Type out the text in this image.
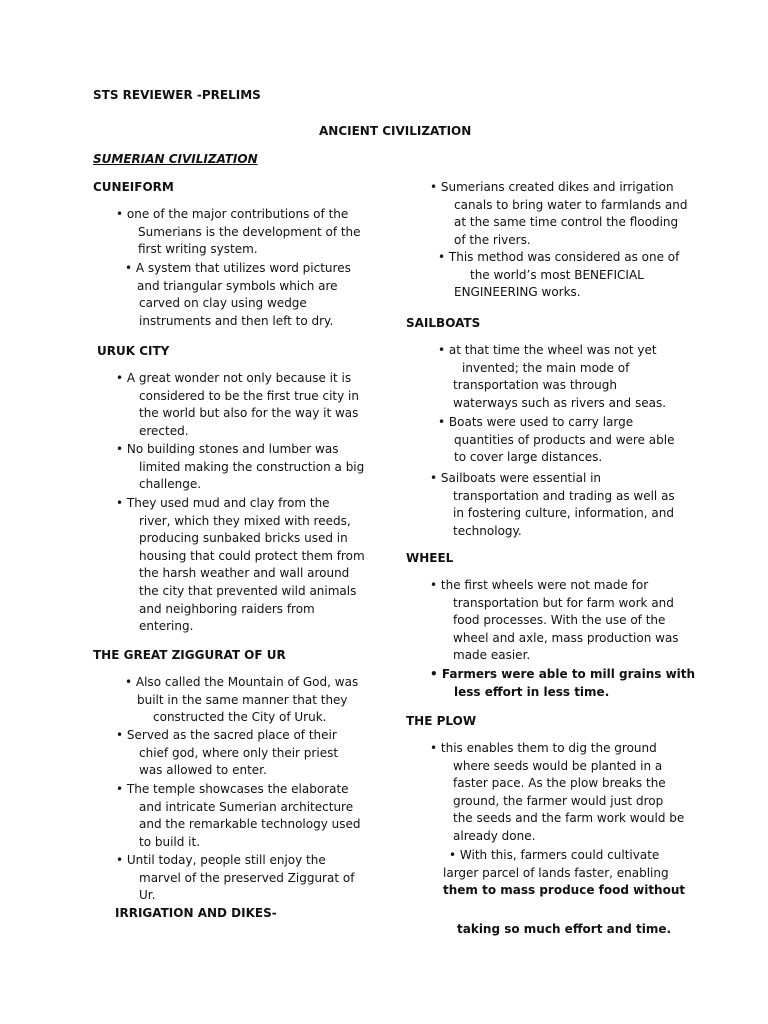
STS REVIEWER -PRELIMS
ANCIENT CIVILIZATION
SUMERIAN CIVILIZATION
CUNEIFORM
• one of the major contributions of the
Sumerians is the development of the
first writing system.
• A system that utilizes word pictures
and triangular symbols which are
carved on clay using wedge
instruments and then left to dry.
URUK CITY
• A great wonder not only because it is
considered to be the first true city in
the world but also for the way it was
erected.
• No building stones and lumber was
limited making the construction a big
challenge.
• They used mud and clay from the
river, which they mixed with reeds,
producing sunbaked bricks used in
housing that could protect them from
the harsh weather and wall around
the city that prevented wild animals
and neighboring raiders from
entering.
THE GREAT ZIGGURAT OF UR
• Also called the Mountain of God, was
built in the same manner that they
constructed the City of Uruk.
• Served as the sacred place of their
chief god, where only their priest
was allowed to enter.
• The temple showcases the elaborate
and intricate Sumerian architecture
and the remarkable technology used
to build it.
• Until today, people still enjoy the
marvel of the preserved Ziggurat of
Ur.
IRRIGATION AND DIKES-
• Sumerians created dikes and irrigation
canals to bring water to farmlands and
at the same time control the flooding
of the rivers.
• This method was considered as one of
the world’s most BENEFICIAL
ENGINEERING works.
SAILBOATS
• at that time the wheel was not yet
invented; the main mode of
transportation was through
waterways such as rivers and seas.
• Boats were used to carry large
quantities of products and were able
to cover large distances.
• Sailboats were essential in
transportation and trading as well as
in fostering culture, information, and
technology.
WHEEL
• the first wheels were not made for
transportation but for farm work and
food processes. With the use of the
wheel and axle, mass production was
made easier.
• Farmers were able to mill grains with
less effort in less time.
THE PLOW
• this enables them to dig the ground
where seeds would be planted in a
faster pace. As the plow breaks the
ground, the farmer would just drop
the seeds and the farm work would be
already done.
• With this, farmers could cultivate
larger parcel of lands faster, enabling
them to mass produce food without
taking so much effort and time.
